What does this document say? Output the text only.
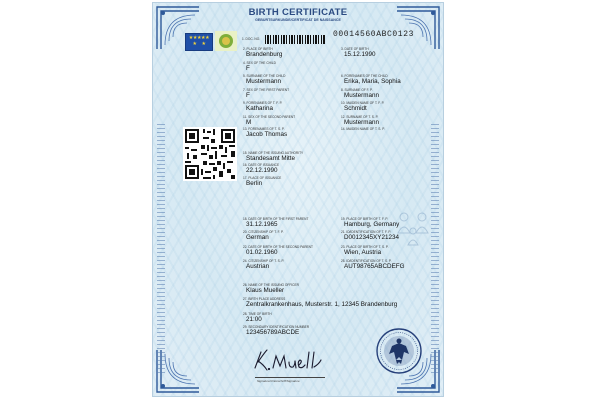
BIRTH CERTIFICATE
GEBURTSURKUNDE/CERTIFICAT DE NAISSANCE
★★★★★
★     ★
1. DOC. NO.	00014560ABC0123
2. PLACE OF BIRTH
Brandenburg
3. DATE OF BIRTH
15.12.1990
4. SEX OF THE CHILD
F
5. SURNAME OF THE CHILD
Mustermann
6. FORENAMES OF THE CHILD
Erika, Maria, Sophia
7. SEX OF THE FIRST PARENT
F
8. SURNAME OF F. P.
Mustermann
9. FORENAMES OF T. F. P.
Katharina
10. MAIDEN NAME OF T. F. P.
Schmidt
11. SEX OF THE SECOND PARENT
M
12. SURNAME OF T. S. P.
Mustermann
13. FORENAMES OF T. S. P.
Jacob Thomas
14. MAIDEN NAME OF T. S. P.
15. NAME OF THE ISSUING AUTHORITY
Standesamt Mitte
16. DATE OF ISSUANCE
22.12.1990
17. PLACE OF ISSUANCE
Berlin
18. DATE OF BIRTH OF THE FIRST PARENT
31.12.1965
19. PLACE OF BIRTH OF T. F. P.
Hamburg, Germany
20. CITIZENSHIP OF T. F. P.
German
21. ID/IDENTIFICATION OF T. F. P.
D0012345XY21234
22. DATE OF BIRTH OF THE SECOND PARENT
01.02.1960
23. PLACE OF BIRTH OF T. S. P.
Wien, Austria
24. CITIZENSHIP OF T. S. P.
Austrian
25. ID/IDENTIFICATION OF T. S. P.
AUT98765ABCDEFG
26. NAME OF THE ISSUING OFFICER
Klaus Mueller
27. BIRTH PLACE ADDRESS
Zentralkrankenhaus, Musterstr. 1, 12345 Brandenburg
28. TIME OF BIRTH
21:00
29. SECONDARY IDENTIFICATION NUMBER
123456789ABCDE
Signature/Unterschrift/Signature
